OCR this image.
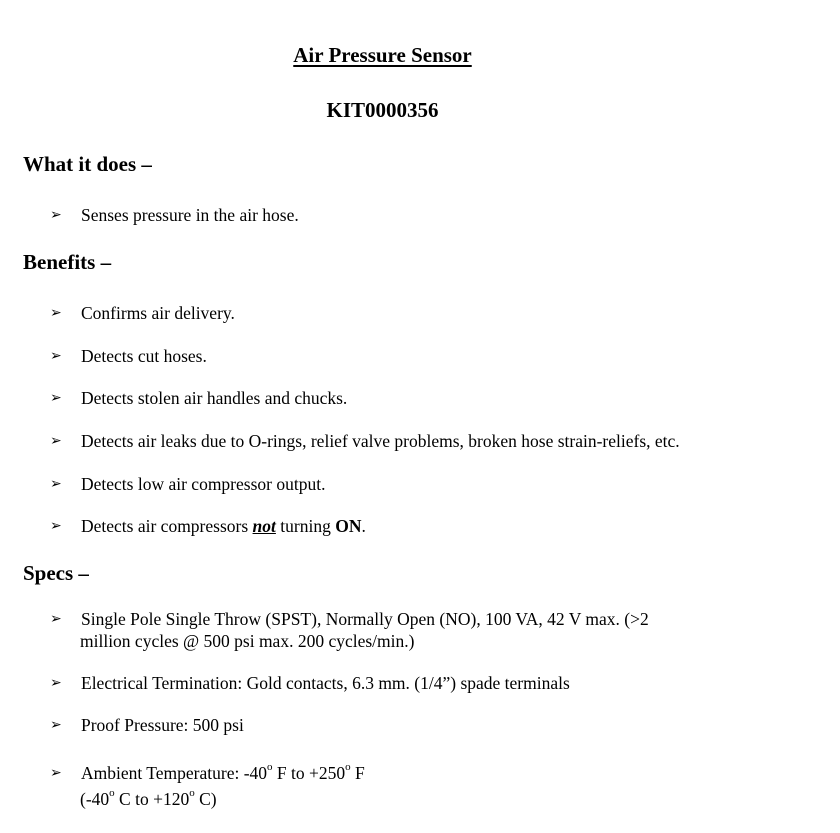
Air Pressure Sensor
KIT0000356
What it does –
➢ Senses pressure in the air hose.
Benefits –
➢ Confirms air delivery.
➢ Detects cut hoses.
➢ Detects stolen air handles and chucks.
➢ Detects air leaks due to O-rings, relief valve problems, broken hose strain-reliefs, etc.
➢ Detects low air compressor output.
➢ Detects air compressors not turning ON.
Specs –
➢ Single Pole Single Throw (SPST), Normally Open (NO), 100 VA, 42 V max. (>2
million cycles @ 500 psi max. 200 cycles/min.)
➢ Electrical Termination: Gold contacts, 6.3 mm. (1/4”) spade terminals
➢ Proof Pressure: 500 psi
➢ Ambient Temperature: -40$^o$ F to $+250^o$ F
(-40$^o$ C to $+120^o$ C)
